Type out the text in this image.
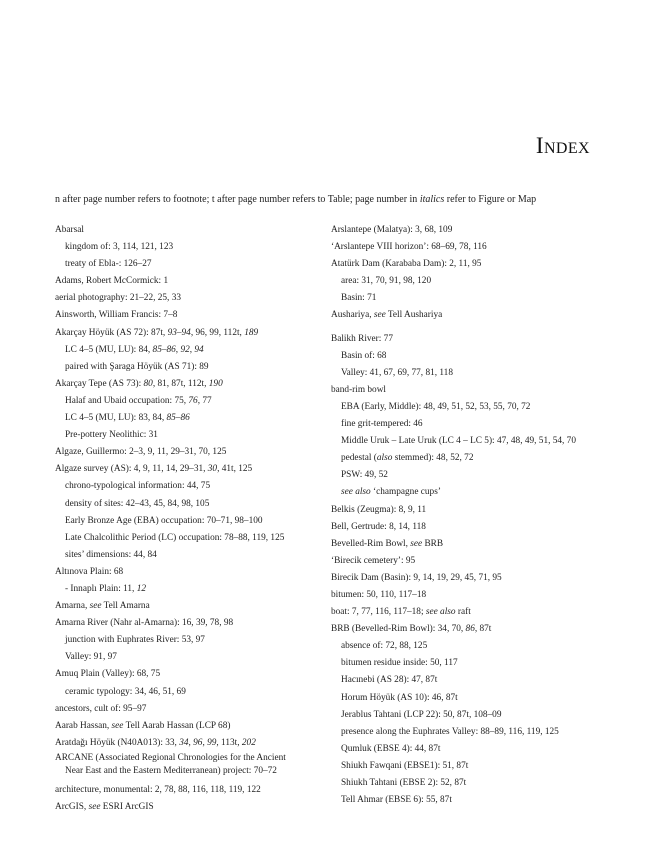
Index
n after page number refers to footnote; t after page number refers to Table; page number in italics refer to Figure or Map
Abarsal
kingdom of: 3, 114, 121, 123
treaty of Ebla-: 126–27
Adams, Robert McCormick: 1
aerial photography: 21–22, 25, 33
Ainsworth, William Francis: 7–8
Akarçay Höyük (AS 72): 87t, 93–94, 96, 99, 112t, 189
LC 4–5 (MU, LU): 84, 85–86, 92, 94
paired with Şaraga Höyük (AS 71): 89
Akarçay Tepe (AS 73): 80, 81, 87t, 112t, 190
Halaf and Ubaid occupation: 75, 76, 77
LC 4–5 (MU, LU): 83, 84, 85–86
Pre-pottery Neolithic: 31
Algaze, Guillermo: 2–3, 9, 11, 29–31, 70, 125
Algaze survey (AS): 4, 9, 11, 14, 29–31, 30, 41t, 125
chrono-typological information: 44, 75
density of sites: 42–43, 45, 84, 98, 105
Early Bronze Age (EBA) occupation: 70–71, 98–100
Late Chalcolithic Period (LC) occupation: 78–88, 119, 125
sites’ dimensions: 44, 84
Altınova Plain: 68
- Innaplı Plain: 11, 12
Amarna, see Tell Amarna
Amarna River (Nahr al-Amarna): 16, 39, 78, 98
junction with Euphrates River: 53, 97
Valley: 91, 97
Amuq Plain (Valley): 68, 75
ceramic typology: 34, 46, 51, 69
ancestors, cult of: 95–97
Aarab Hassan, see Tell Aarab Hassan (LCP 68)
Aratdağı Höyük (N40A013): 33, 34, 96, 99, 113t, 202
ARCANE (Associated Regional Chronologies for the Ancient
Near East and the Eastern Mediterranean) project: 70–72
architecture, monumental: 2, 78, 88, 116, 118, 119, 122
ArcGIS, see ESRI ArcGIS
Arslantepe (Malatya): 3, 68, 109
‘Arslantepe VIII horizon’: 68–69, 78, 116
Atatürk Dam (Karababa Dam): 2, 11, 95
area: 31, 70, 91, 98, 120
Basin: 71
Aushariya, see Tell Aushariya
Balikh River: 77
Basin of: 68
Valley: 41, 67, 69, 77, 81, 118
band-rim bowl
EBA (Early, Middle): 48, 49, 51, 52, 53, 55, 70, 72
fine grit-tempered: 46
Middle Uruk – Late Uruk (LC 4 – LC 5): 47, 48, 49, 51, 54, 70
pedestal (also stemmed): 48, 52, 72
PSW: 49, 52
see also ‘champagne cups’
Belkis (Zeugma): 8, 9, 11
Bell, Gertrude: 8, 14, 118
Bevelled-Rim Bowl, see BRB
‘Birecik cemetery’: 95
Birecik Dam (Basin): 9, 14, 19, 29, 45, 71, 95
bitumen: 50, 110, 117–18
boat: 7, 77, 116, 117–18; see also raft
BRB (Bevelled-Rim Bowl): 34, 70, 86, 87t
absence of: 72, 88, 125
bitumen residue inside: 50, 117
Hacınebi (AS 28): 47, 87t
Horum Höyük (AS 10): 46, 87t
Jerablus Tahtani (LCP 22): 50, 87t, 108–09
presence along the Euphrates Valley: 88–89, 116, 119, 125
Qumluk (EBSE 4): 44, 87t
Shiukh Fawqani (EBSE1): 51, 87t
Shiukh Tahtani (EBSE 2): 52, 87t
Tell Ahmar (EBSE 6): 55, 87t
